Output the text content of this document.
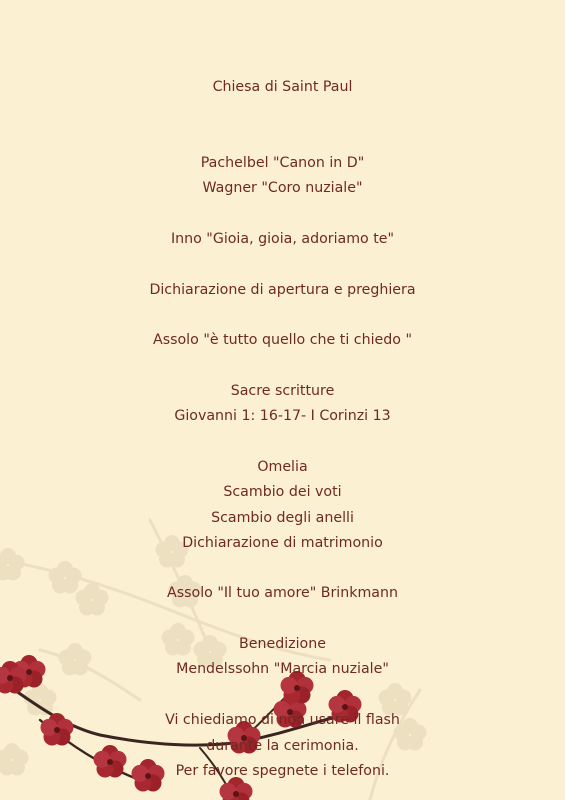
Chiesa di Saint Paul
Pachelbel "Canon in D"
Wagner "Coro nuziale"
Inno "Gioia, gioia, adoriamo te"
Dichiarazione di apertura e preghiera
Assolo "è tutto quello che ti chiedo "
Sacre scritture
Giovanni 1: 16-17- I Corinzi 13
Omelia
Scambio dei voti
Scambio degli anelli
Dichiarazione di matrimonio
Assolo "Il tuo amore" Brinkmann
Benedizione
Mendelssohn "Marcia nuziale"
Vi chiediamo di non usare il flash
durante la cerimonia.
Per favore spegnete i telefoni.
